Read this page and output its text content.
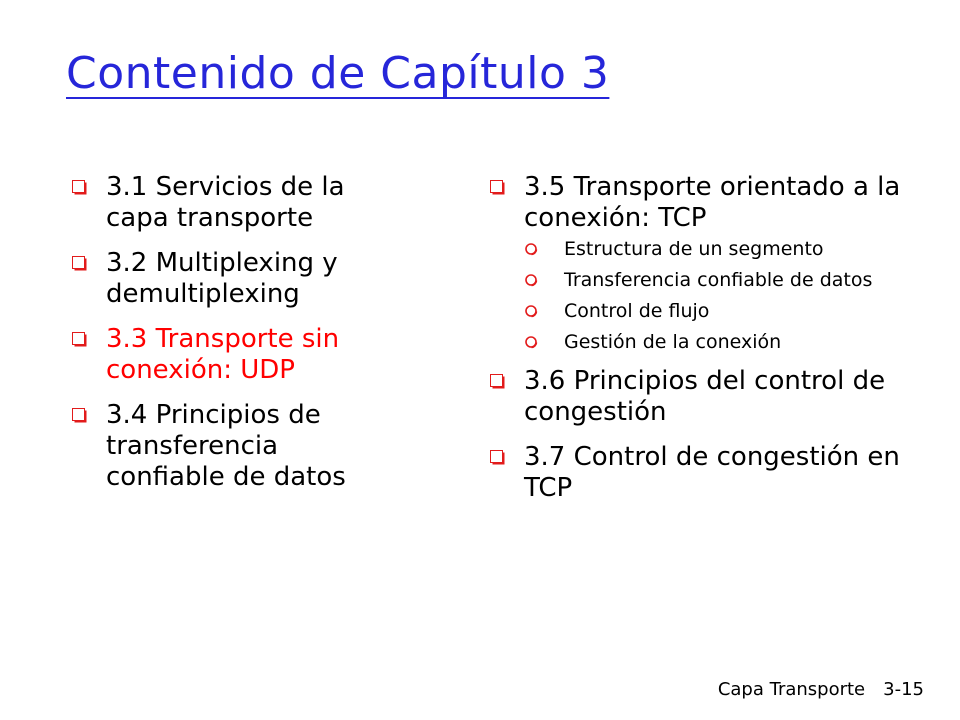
Contenido de Capítulo 3
3.1 Servicios de la capa transporte
3.2 Multiplexing y demultiplexing
3.3 Transporte sin conexión: UDP
3.4 Principios de transferencia confiable de datos
3.5 Transporte orientado a la conexión: TCP
Estructura de un segmento
Transferencia confiable de datos
Control de flujo
Gestión de la conexión
3.6 Principios del control de congestión
3.7 Control de congestión en TCP
Capa Transporte 3-15
